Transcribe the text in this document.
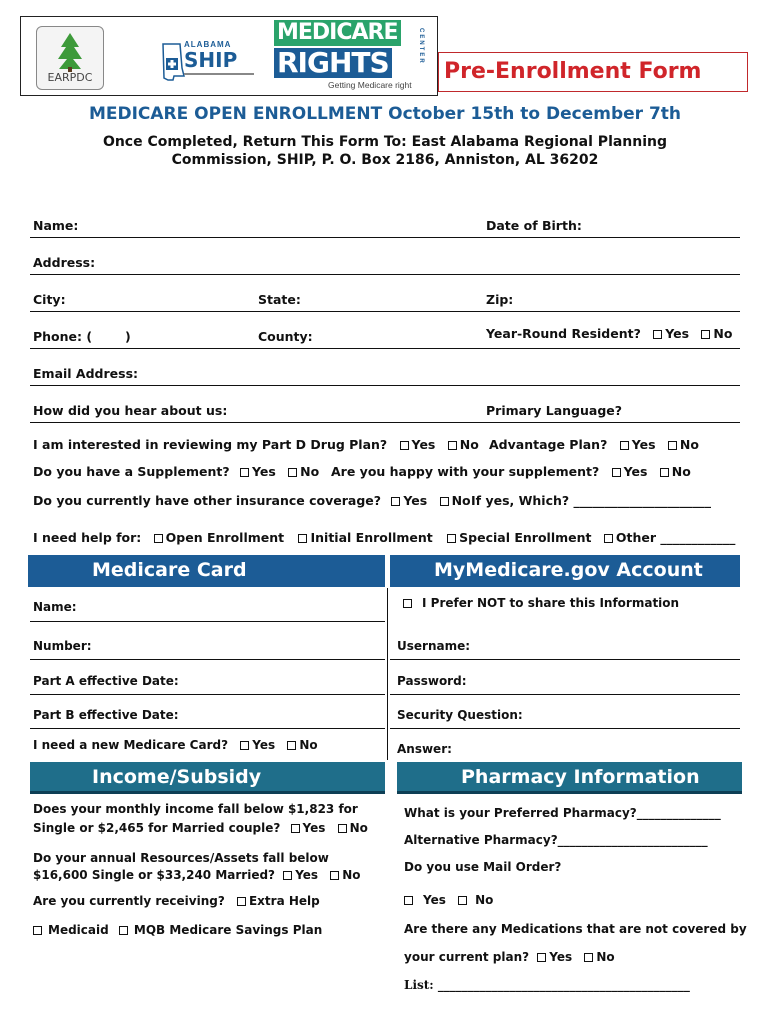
EARPDC
ALABAMA
SHIP
MEDICARE
RIGHTS	CENTER
Getting Medicare right
Pre-Enrollment Form
MEDICARE OPEN ENROLLMENT October 15th to December 7th
Once Completed, Return This Form To: East Alabama Regional Planning
Commission, SHIP, P. O. Box 2186, Anniston, AL 36202
Name:	Date of Birth:
Address:
City:	State:	Zip:
Phone: (	)	County:	Year-Round Resident? Yes No
Email Address:
How did you hear about us:	Primary Language?
I am interested in reviewing my Part D Drug Plan? Yes No Advantage Plan? Yes No
Do you have a Supplement? Yes No Are you happy with your supplement? Yes No
Do you currently have other insurance coverage? Yes No If yes, Which? ______________________
I need help for: Open Enrollment Initial Enrollment Special Enrollment Other ____________
Medicare Card	MyMedicare.gov Account
Name:
Number:
Part A effective Date:
Part B effective Date:
I need a new Medicare Card? Yes No
I Prefer NOT to share this Information
Username:
Password:
Security Question:
Answer:
Income/Subsidy	Pharmacy Information
Does your monthly income fall below $1,823 for
Single or $2,465 for Married couple? Yes No
Do your annual Resources/Assets fall below
$16,600 Single or $33,240 Married? Yes No
Are you currently receiving? Extra Help
Medicaid MQB Medicare Savings Plan
What is your Preferred Pharmacy?______________
Alternative Pharmacy?_________________________
Do you use Mail Order?
Yes No
Are there any Medications that are not covered by
your current plan? Yes No
List: __________________________________________
